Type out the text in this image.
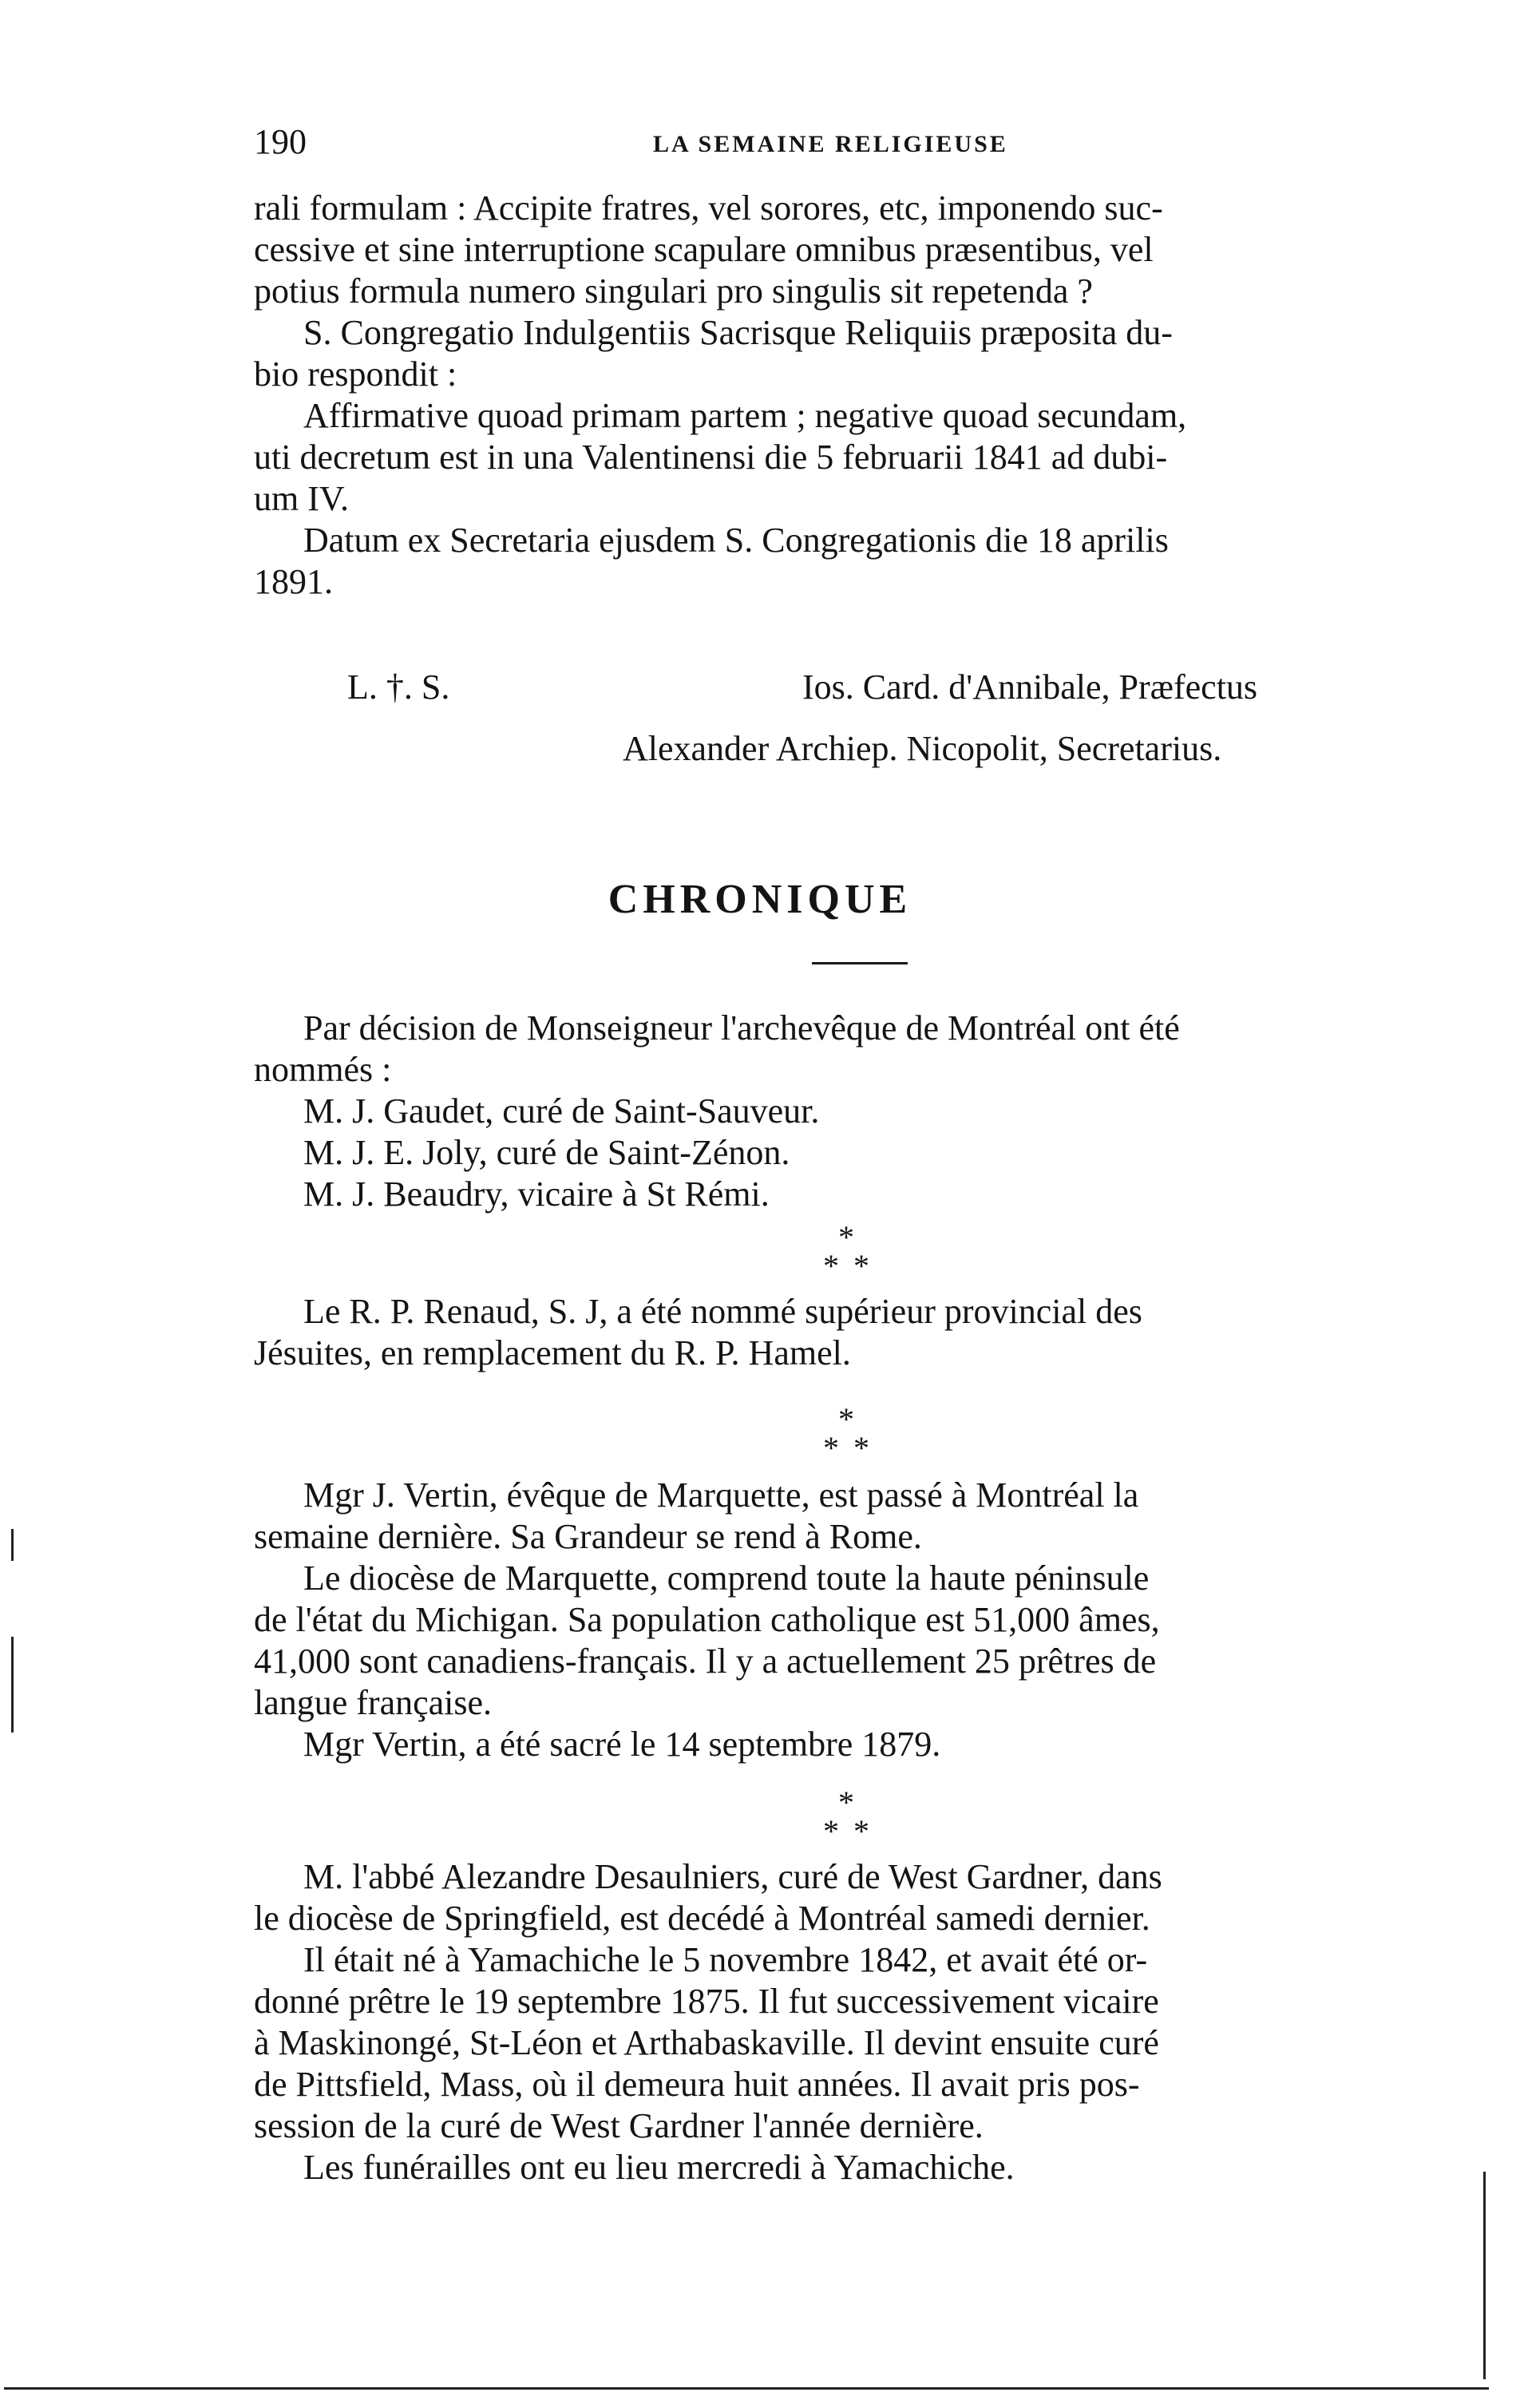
190	LA SEMAINE RELIGIEUSE
rali formulam : Accipite fratres, vel sorores, etc, imponendo suc-
cessive et sine interruptione scapulare omnibus præsentibus, vel
potius formula numero singulari pro singulis sit repetenda ?
S. Congregatio Indulgentiis Sacrisque Reliquiis præposita du-
bio respondit :
Affirmative quoad primam partem ; negative quoad secundam,
uti decretum est in una Valentinensi die 5 februarii 1841 ad dubi-
um IV.
Datum ex Secretaria ejusdem S. Congregationis die 18 aprilis
1891.
L. †. S.	Ios. Card. d'Annibale, Præfectus
Alexander Archiep. Nicopolit, Secretarius.
CHRONIQUE
Par décision de Monseigneur l'archevêque de Montréal ont été
nommés :
M. J. Gaudet, curé de Saint-Sauveur.
M. J. E. Joly, curé de Saint-Zénon.
M. J. Beaudry, vicaire à St Rémi.
*
**
Le R. P. Renaud, S. J, a été nommé supérieur provincial des
Jésuites, en remplacement du R. P. Hamel.
*
**
Mgr J. Vertin, évêque de Marquette, est passé à Montréal la
semaine dernière. Sa Grandeur se rend à Rome.
Le diocèse de Marquette, comprend toute la haute péninsule
de l'état du Michigan. Sa population catholique est 51,000 âmes,
41,000 sont canadiens-français. Il y a actuellement 25 prêtres de
langue française.
Mgr Vertin, a été sacré le 14 septembre 1879.
*
**
M. l'abbé Alezandre Desaulniers, curé de West Gardner, dans
le diocèse de Springfield, est decédé à Montréal samedi dernier.
Il était né à Yamachiche le 5 novembre 1842, et avait été or-
donné prêtre le 19 septembre 1875. Il fut successivement vicaire
à Maskinongé, St-Léon et Arthabaskaville. Il devint ensuite curé
de Pittsfield, Mass, où il demeura huit années. Il avait pris pos-
session de la curé de West Gardner l'année dernière.
Les funérailles ont eu lieu mercredi à Yamachiche.
